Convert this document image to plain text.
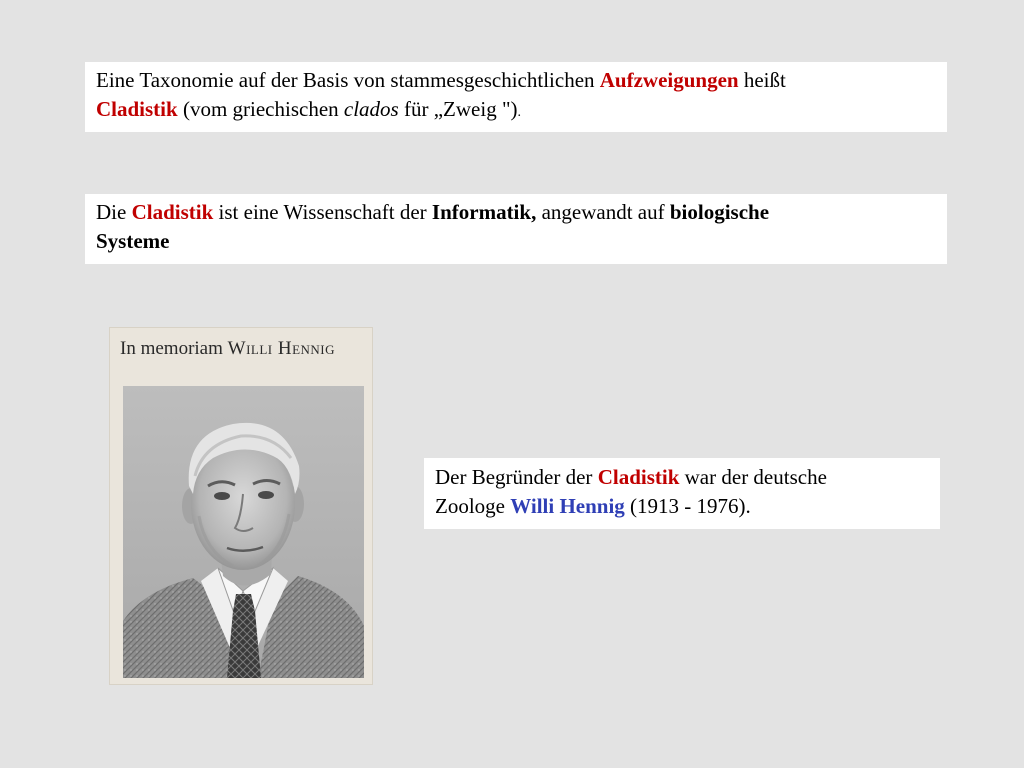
Eine Taxonomie auf der Basis von stammesgeschichtlichen Aufzweigungen heißt
Cladistik (vom griechischen clados für „Zweig ").
Die Cladistik ist eine Wissenschaft der Informatik, angewandt auf biologische
Systeme
In memoriam Willi Hennig
Der Begründer der Cladistik war der deutsche
Zoologe Willi Hennig (1913 - 1976).
